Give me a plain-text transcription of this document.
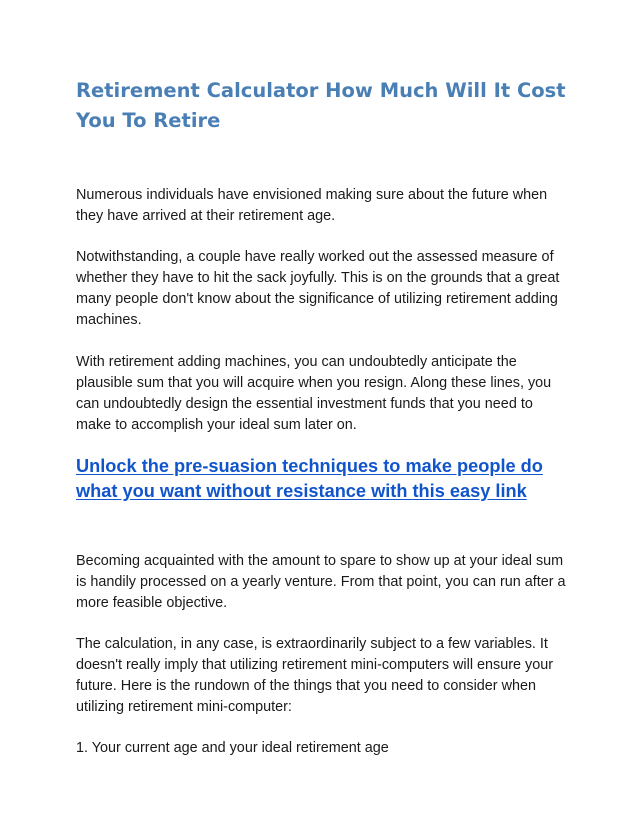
Retirement Calculator How Much Will It Cost You To Retire

Numerous individuals have envisioned making sure about the future when they have arrived at their retirement age.

Notwithstanding, a couple have really worked out the assessed measure of whether they have to hit the sack joyfully. This is on the grounds that a great many people don't know about the significance of utilizing retirement adding machines.

With retirement adding machines, you can undoubtedly anticipate the plausible sum that you will acquire when you resign. Along these lines, you can undoubtedly design the essential investment funds that you need to make to accomplish your ideal sum later on.

Unlock the pre-suasion techniques to make people do what you want without resistance with this easy link

Becoming acquainted with the amount to spare to show up at your ideal sum is handily processed on a yearly venture. From that point, you can run after a more feasible objective.

The calculation, in any case, is extraordinarily subject to a few variables. It doesn't really imply that utilizing retirement mini-computers will ensure your future. Here is the rundown of the things that you need to consider when utilizing retirement mini-computer:

1. Your current age and your ideal retirement age
